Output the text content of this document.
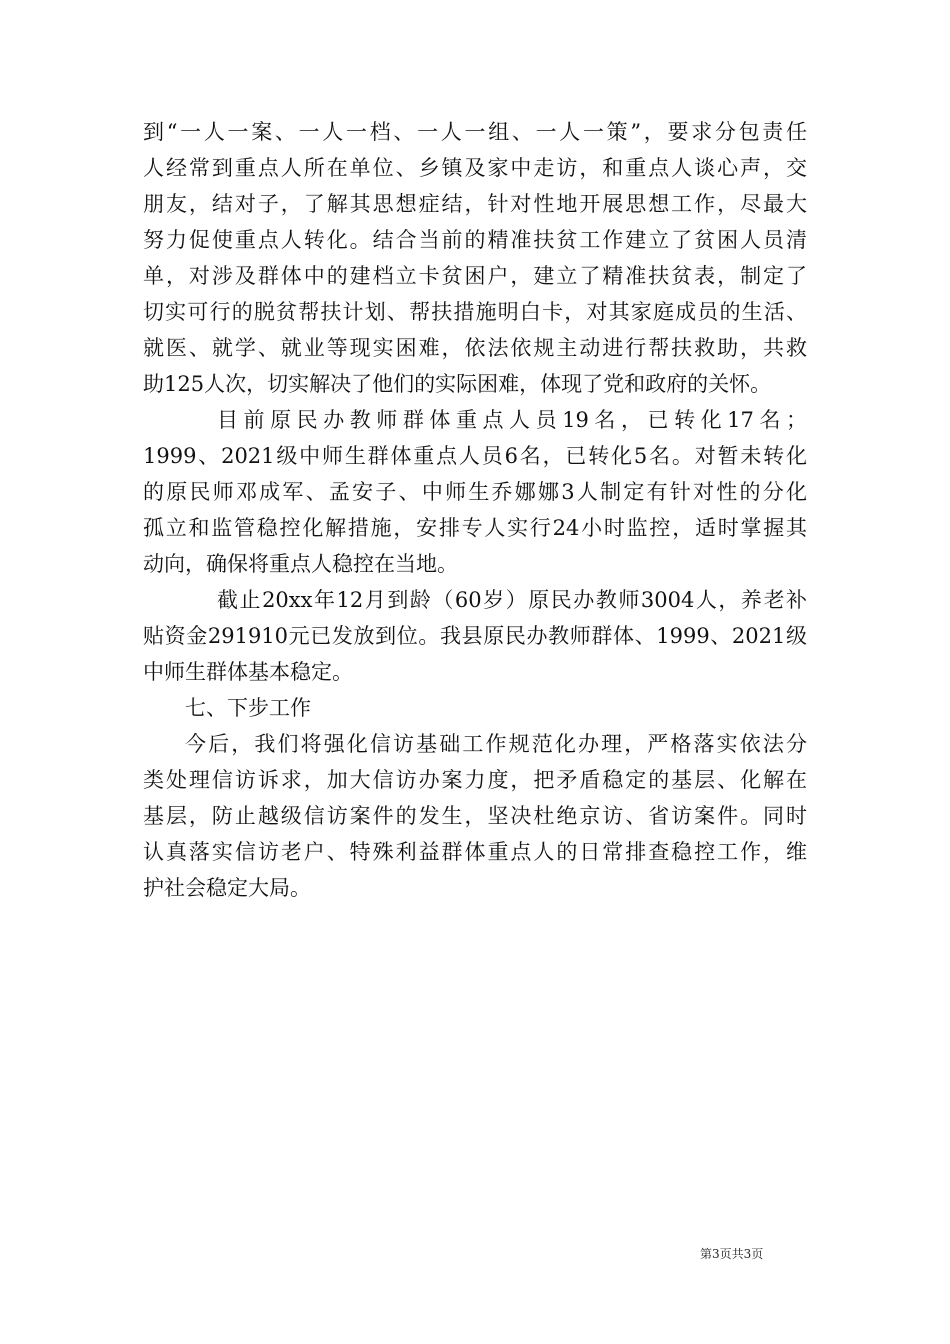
到“一人一案、一人一档、一人一组、一人一策”，要求分包责任
人经常到重点人所在单位、乡镇及家中走访，和重点人谈心声，交
朋友，结对子，了解其思想症结，针对性地开展思想工作，尽最大
努力促使重点人转化。结合当前的精准扶贫工作建立了贫困人员清
单，对涉及群体中的建档立卡贫困户，建立了精准扶贫表，制定了
切实可行的脱贫帮扶计划、帮扶措施明白卡，对其家庭成员的生活、
就医、就学、就业等现实困难，依法依规主动进行帮扶救助，共救
助125人次，切实解决了他们的实际困难，体现了党和政府的关怀。
目前原民办教师群体重点人员19名，已转化17名；
1999、2021级中师生群体重点人员6名，已转化5名。对暂未转化
的原民师邓成军、孟安子、中师生乔娜娜3人制定有针对性的分化
孤立和监管稳控化解措施，安排专人实行24小时监控，适时掌握其
动向，确保将重点人稳控在当地。
截止20xx年12月到龄（60岁）原民办教师3004人，养老补
贴资金291910元已发放到位。我县原民办教师群体、1999、2021级
中师生群体基本稳定。
七、下步工作
今后，我们将强化信访基础工作规范化办理，严格落实依法分
类处理信访诉求，加大信访办案力度，把矛盾稳定的基层、化解在
基层，防止越级信访案件的发生，坚决杜绝京访、省访案件。同时
认真落实信访老户、特殊利益群体重点人的日常排查稳控工作，维
护社会稳定大局。
第3页共3页
